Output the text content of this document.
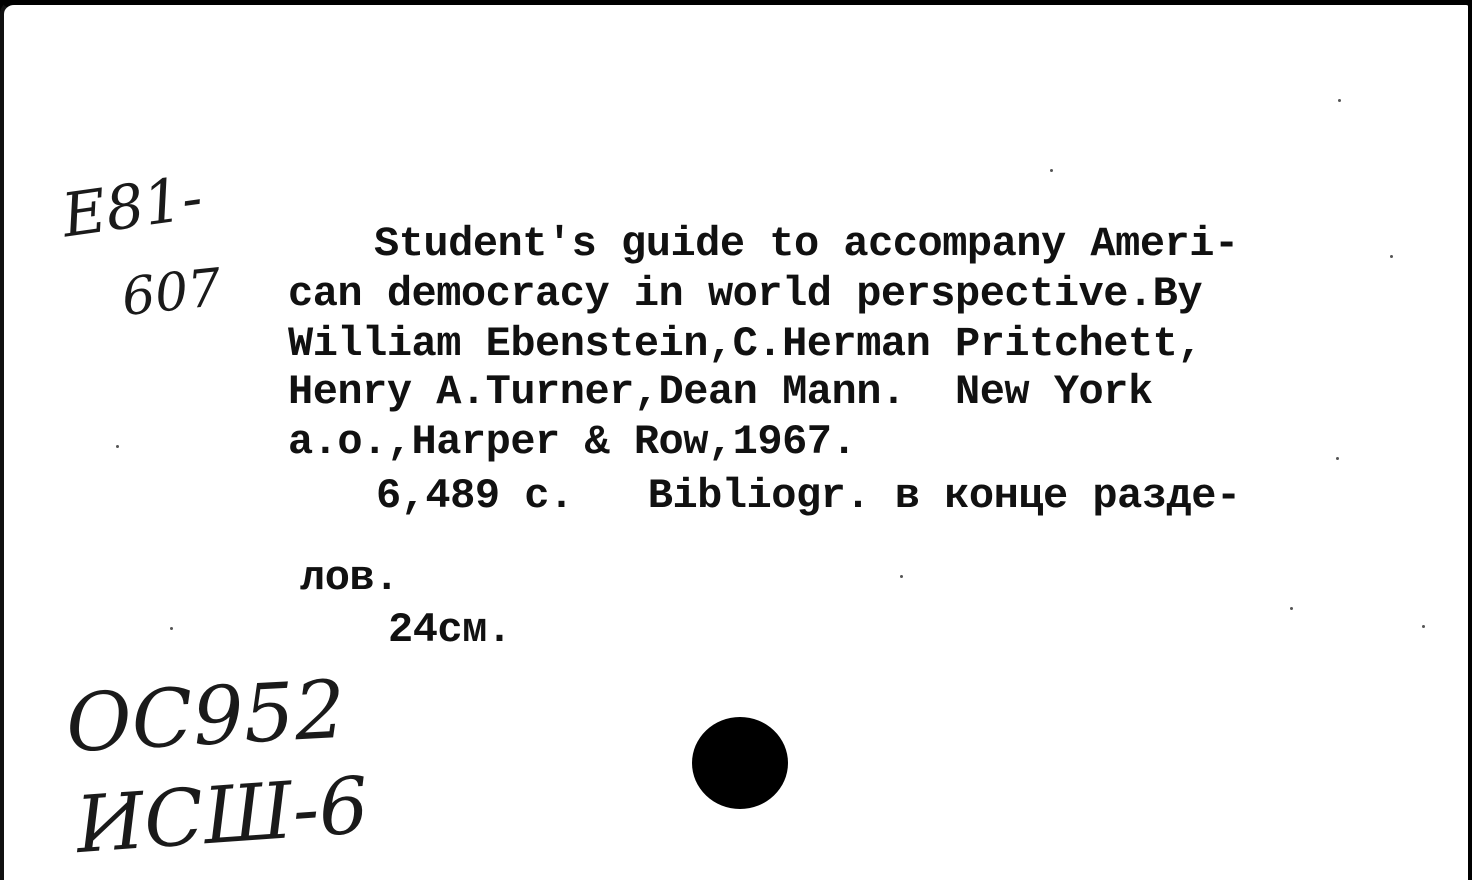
E81-
607
Student's guide to accompany Ameri-
can democracy in world perspective.By
William Ebenstein,C.Herman Pritchett,
Henry A.Turner,Dean Mann.  New York
a.o.,Harper & Row,1967.
6,489 c.   Bibliogr. в конце разде-
лов.
24см.
OC952
ИСШ-6
